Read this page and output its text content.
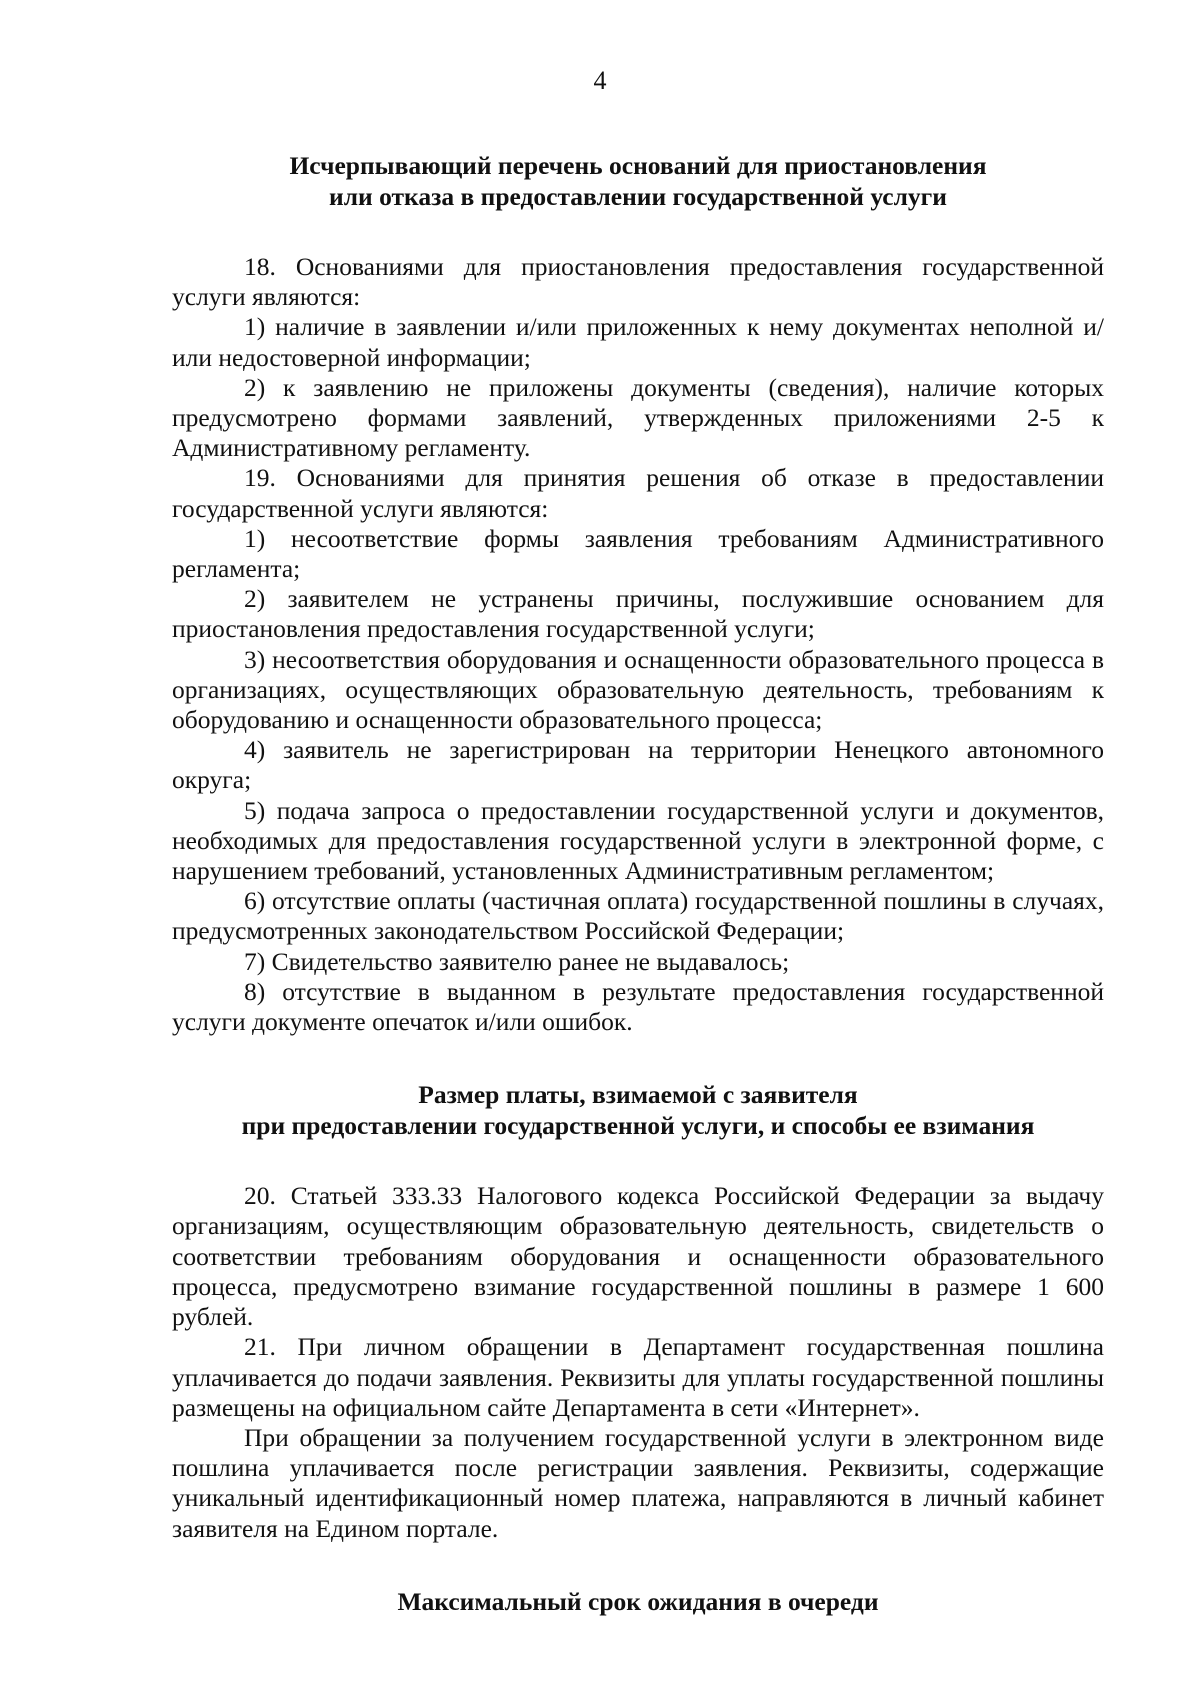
4
Исчерпывающий перечень оснований для приостановления
или отказа в предоставлении государственной услуги

18. Основаниями для приостановления предоставления государственной услуги являются:

1) наличие в заявлении и/или приложенных к нему документах неполной и/или недостоверной информации;

2) к заявлению не приложены документы (сведения), наличие которых предусмотрено формами заявлений, утвержденных приложениями 2-5 к Административному регламенту.

19. Основаниями для принятия решения об отказе в предоставлении государственной услуги являются:

1) несоответствие формы заявления требованиям Административного регламента;

2) заявителем не устранены причины, послужившие основанием для приостановления предоставления государственной услуги;

3) несоответствия оборудования и оснащенности образовательного процесса в организациях, осуществляющих образовательную деятельность, требованиям к оборудованию и оснащенности образовательного процесса;

4) заявитель не зарегистрирован на территории Ненецкого автономного округа;

5) подача запроса о предоставлении государственной услуги и документов, необходимых для предоставления государственной услуги в электронной форме, с нарушением требований, установленных Административным регламентом;

6) отсутствие оплаты (частичная оплата) государственной пошлины в случаях, предусмотренных законодательством Российской Федерации;

7) Свидетельство заявителю ранее не выдавалось;

8) отсутствие в выданном в результате предоставления государственной услуги документе опечаток и/или ошибок.

Размер платы, взимаемой с заявителя
при предоставлении государственной услуги, и способы ее взимания

20. Статьей 333.33 Налогового кодекса Российской Федерации за выдачу организациям, осуществляющим образовательную деятельность, свидетельств о соответствии требованиям оборудования и оснащенности образовательного процесса, предусмотрено взимание государственной пошлины в размере 1 600 рублей.

21. При личном обращении в Департамент государственная пошлина уплачивается до подачи заявления. Реквизиты для уплаты государственной пошлины размещены на официальном сайте Департамента в сети «Интернет».

При обращении за получением государственной услуги в электронном виде пошлина уплачивается после регистрации заявления. Реквизиты, содержащие уникальный идентификационный номер платежа, направляются в личный кабинет заявителя на Едином портале.

Максимальный срок ожидания в очереди
